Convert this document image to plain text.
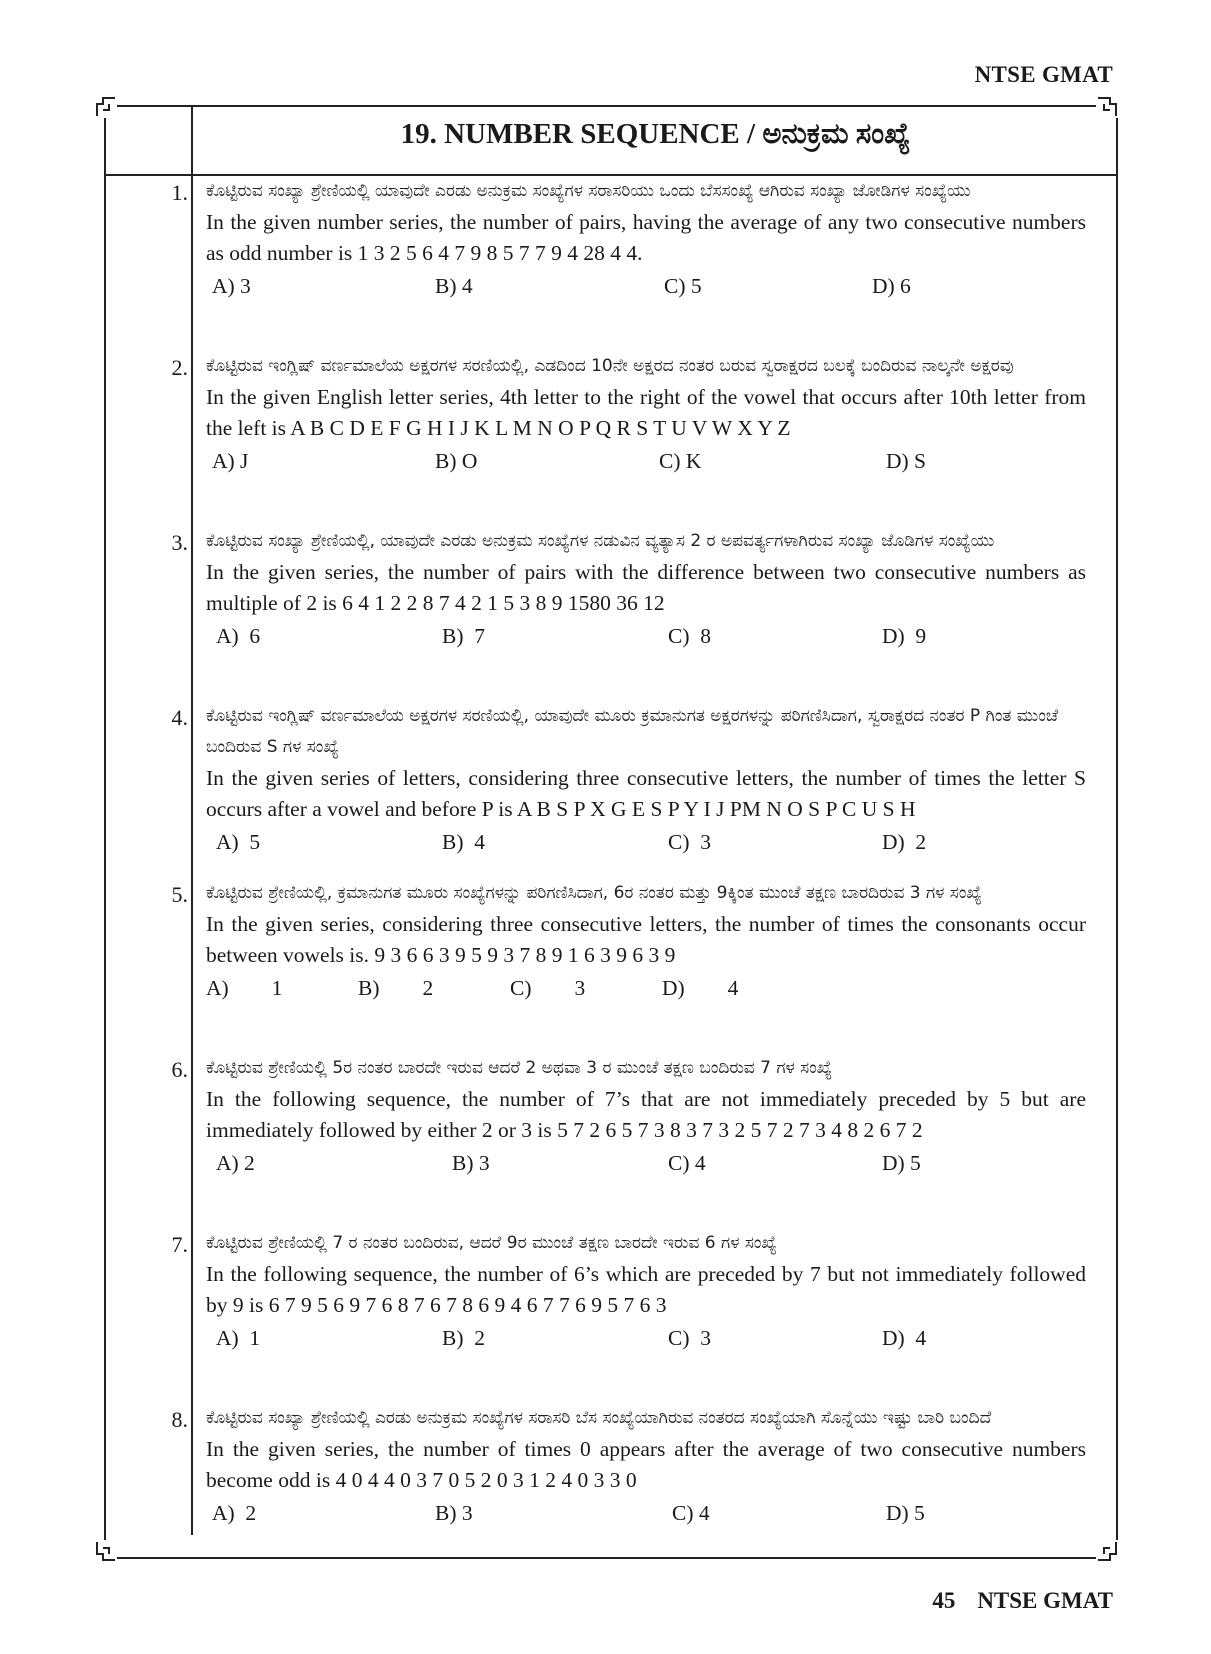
NTSE GMAT
19. NUMBER SEQUENCE / ಅನುಕ್ರಮ ಸಂಖ್ಯೆ
1. ಕೊಟ್ಟಿರುವ ಸಂಖ್ಯಾ ಶ್ರೇಣಿಯಲ್ಲಿ ಯಾವುದೇ ಎರಡು ಅನುಕ್ರಮ ಸಂಖ್ಯೆಗಳ ಸರಾಸರಿಯು ಒಂದು ಬೆಸಸಂಖ್ಯೆ ಆಗಿರುವ ಸಂಖ್ಯಾ ಜೋಡಿಗಳ ಸಂಖ್ಯೆಯು
In the given number series, the number of pairs, having the average of any two consecutive numbers as odd number is 1 3 2 5 6 4 7 9 8 5 7 7 9 4 28 4 4.
A) 3	B) 4	C) 5	D) 6
2. ಕೊಟ್ಟಿರುವ ಇಂಗ್ಲಿಷ್ ವರ್ಣಮಾಲೆಯ ಅಕ್ಷರಗಳ ಸರಣಿಯಲ್ಲಿ, ಎಡದಿಂದ 10ನೇ ಅಕ್ಷರದ ನಂತರ ಬರುವ ಸ್ವರಾಕ್ಷರದ ಬಲಕ್ಕೆ ಬಂದಿರುವ ನಾಲ್ಕನೇ ಅಕ್ಷರವು
In the given English letter series, 4th letter to the right of the vowel that occurs after 10th letter from the left is A B C D E F G H I J K L M N O P Q R S T U V W X Y Z
A) J	B) O	C) K	D) S
3. ಕೊಟ್ಟಿರುವ ಸಂಖ್ಯಾ ಶ್ರೇಣಿಯಲ್ಲಿ, ಯಾವುದೇ ಎರಡು ಅನುಕ್ರಮ ಸಂಖ್ಯೆಗಳ ನಡುವಿನ ವ್ಯತ್ಯಾಸ 2 ರ ಅಪವರ್ತ್ಯಗಳಾಗಿರುವ ಸಂಖ್ಯಾ ಜೊಡಿಗಳ ಸಂಖ್ಯೆಯು
In the given series, the number of pairs with the difference between two consecutive numbers as multiple of 2 is 6 4 1 2 2 8 7 4 2 1 5 3 8 9 1580 36 12
A)  6	B)  7	C)  8	D)  9
4. ಕೊಟ್ಟಿರುವ ಇಂಗ್ಲಿಷ್ ವರ್ಣಮಾಲೆಯ ಅಕ್ಷರಗಳ ಸರಣಿಯಲ್ಲಿ, ಯಾವುದೇ ಮೂರು ಕ್ರಮಾನುಗತ ಅಕ್ಷರಗಳನ್ನು ಪರಿಗಣಿಸಿದಾಗ, ಸ್ವರಾಕ್ಷರದ ನಂತರ P ಗಿಂತ ಮುಂಚೆ ಬಂದಿರುವ S ಗಳ ಸಂಖ್ಯೆ
In the given series of letters, considering three consecutive letters, the number of times the letter S occurs after a vowel and before P is A B S P X G E S P Y I J PM N O S P C U S H
A)  5	B)  4	C)  3	D)  2
5. ಕೊಟ್ಟಿರುವ ಶ್ರೇಣಿಯಲ್ಲಿ, ಕ್ರಮಾನುಗತ ಮೂರು ಸಂಖ್ಯೆಗಳನ್ನು ಪರಿಗಣಿಸಿದಾಗ, 6ರ ನಂತರ ಮತ್ತು 9ಕ್ಕಿಂತ ಮುಂಚೆ ತಕ್ಷಣ ಬಾರದಿರುವ 3 ಗಳ ಸಂಖ್ಯೆ
In the given series, considering three consecutive letters, the number of times the consonants occur between vowels is. 9 3 6 6 3 9 5 9 3 7 8 9 1 6 3 9 6 3 9
A)        1	B)        2	C)        3	D)        4
6. ಕೊಟ್ಟಿರುವ ಶ್ರೇಣಿಯಲ್ಲಿ 5ರ ನಂತರ ಬಾರದೇ ಇರುವ ಆದರೆ 2 ಅಥವಾ 3 ರ ಮುಂಚೆ ತಕ್ಷಣ ಬಂದಿರುವ 7 ಗಳ ಸಂಖ್ಯೆ
In the following sequence, the number of 7’s that are not immediately preceded by 5 but are immediately followed by either 2 or 3 is 5 7 2 6 5 7 3 8 3 7 3 2 5 7 2 7 3 4 8 2 6 7 2
A) 2	B) 3	C) 4	D) 5
7. ಕೊಟ್ಟಿರುವ ಶ್ರೇಣಿಯಲ್ಲಿ 7 ರ ನಂತರ ಬಂದಿರುವ, ಆದರೆ 9ರ ಮುಂಚೆ ತಕ್ಷಣ ಬಾರದೇ ಇರುವ 6 ಗಳ ಸಂಖ್ಯೆ
In the following sequence, the number of 6’s which are preceded by 7 but not immediately followed by 9 is 6 7 9 5 6 9 7 6 8 7 6 7 8 6 9 4 6 7 7 6 9 5 7 6 3
A)  1	B)  2	C)  3	D)  4
8. ಕೊಟ್ಟಿರುವ ಸಂಖ್ಯಾ ಶ್ರೇಣಿಯಲ್ಲಿ ಎರಡು ಅನುಕ್ರಮ ಸಂಖ್ಯೆಗಳ ಸರಾಸರಿ ಬೆಸ ಸಂಖ್ಯೆಯಾಗಿರುವ ನಂತರದ ಸಂಖ್ಯೆಯಾಗಿ ಸೊನ್ನೆಯು ಇಷ್ಟು ಬಾರಿ ಬಂದಿದೆ
In the given series, the number of times 0 appears after the average of two consecutive numbers become odd is 4 0 4 4 0 3 7 0 5 2 0 3 1 2 4 0 3 3 0
A)  2	B) 3	C) 4	D) 5
45 NTSE GMAT
